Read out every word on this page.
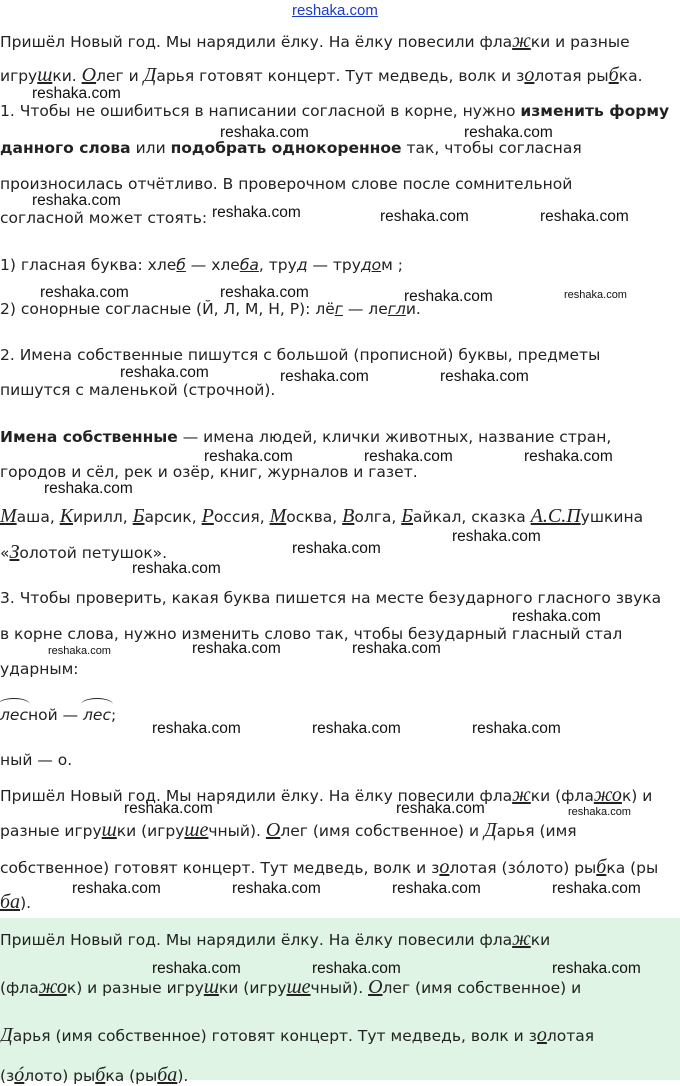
reshaka.com

Пришёл Новый год. Мы нарядили ёлку. На ёлку повесили флажки и разные

игрушки. Олег и Дарья готовят концерт. Тут медведь, волк и золотая рыбка.

1. Чтобы не ошибиться в написании согласной в корне, нужно изменить форму

данного слова или подобрать однокоренное так, чтобы согласная

произносилась отчётливо. В проверочном слове после сомнительной

согласной может стоять:

1) гласная буква: хлеб — хлеба, труд — трудом ;

2) сонорные согласные (Й, Л, М, Н, Р): лёг — легли.

2. Имена собственные пишутся с большой (прописной) буквы, предметы

пишутся с маленькой (строчной).

Имена собственные — имена людей, клички животных, название стран,

городов и сёл, рек и озёр, книг, журналов и газет.

Маша, Кирилл, Барсик, Россия, Москва, Волга, Байкал, сказка А.С.Пушкина

«Золотой петушок».

3. Чтобы проверить, какая буква пишется на месте безударного гласного звука

в корне слова, нужно изменить слово так, чтобы безударный гласный стал

ударным:

лесной — лес;

ный — о.

Пришёл Новый год. Мы нарядили ёлку. На ёлку повесили флажки (флажок) и

разные игрушки (игрушечный). Олег (имя собственное) и Дарья (имя

собственное) готовят концерт. Тут медведь, волк и золотая (зóлото) рыбка (ры

ба).

Пришёл Новый год. Мы нарядили ёлку. На ёлку повесили флажки

(флажок) и разные игрушки (игрушечный). Олег (имя собственное) и

Дарья (имя собственное) готовят концерт. Тут медведь, волк и золотая

(зóлото) рыбка (рыба).

reshaka.com
reshaka.com	reshaka.com
reshaka.com
reshaka.com	reshaka.com	reshaka.com
reshaka.com	reshaka.com	reshaka.com	reshaka.com
reshaka.com	reshaka.com	reshaka.com
reshaka.com	reshaka.com	reshaka.com
reshaka.com
reshaka.com
reshaka.com
reshaka.com
reshaka.com
reshaka.com	reshaka.com	reshaka.com
reshaka.com	reshaka.com	reshaka.com
reshaka.com	reshaka.com	reshaka.com
reshaka.com	reshaka.com	reshaka.com	reshaka.com
reshaka.com	reshaka.com	reshaka.com
